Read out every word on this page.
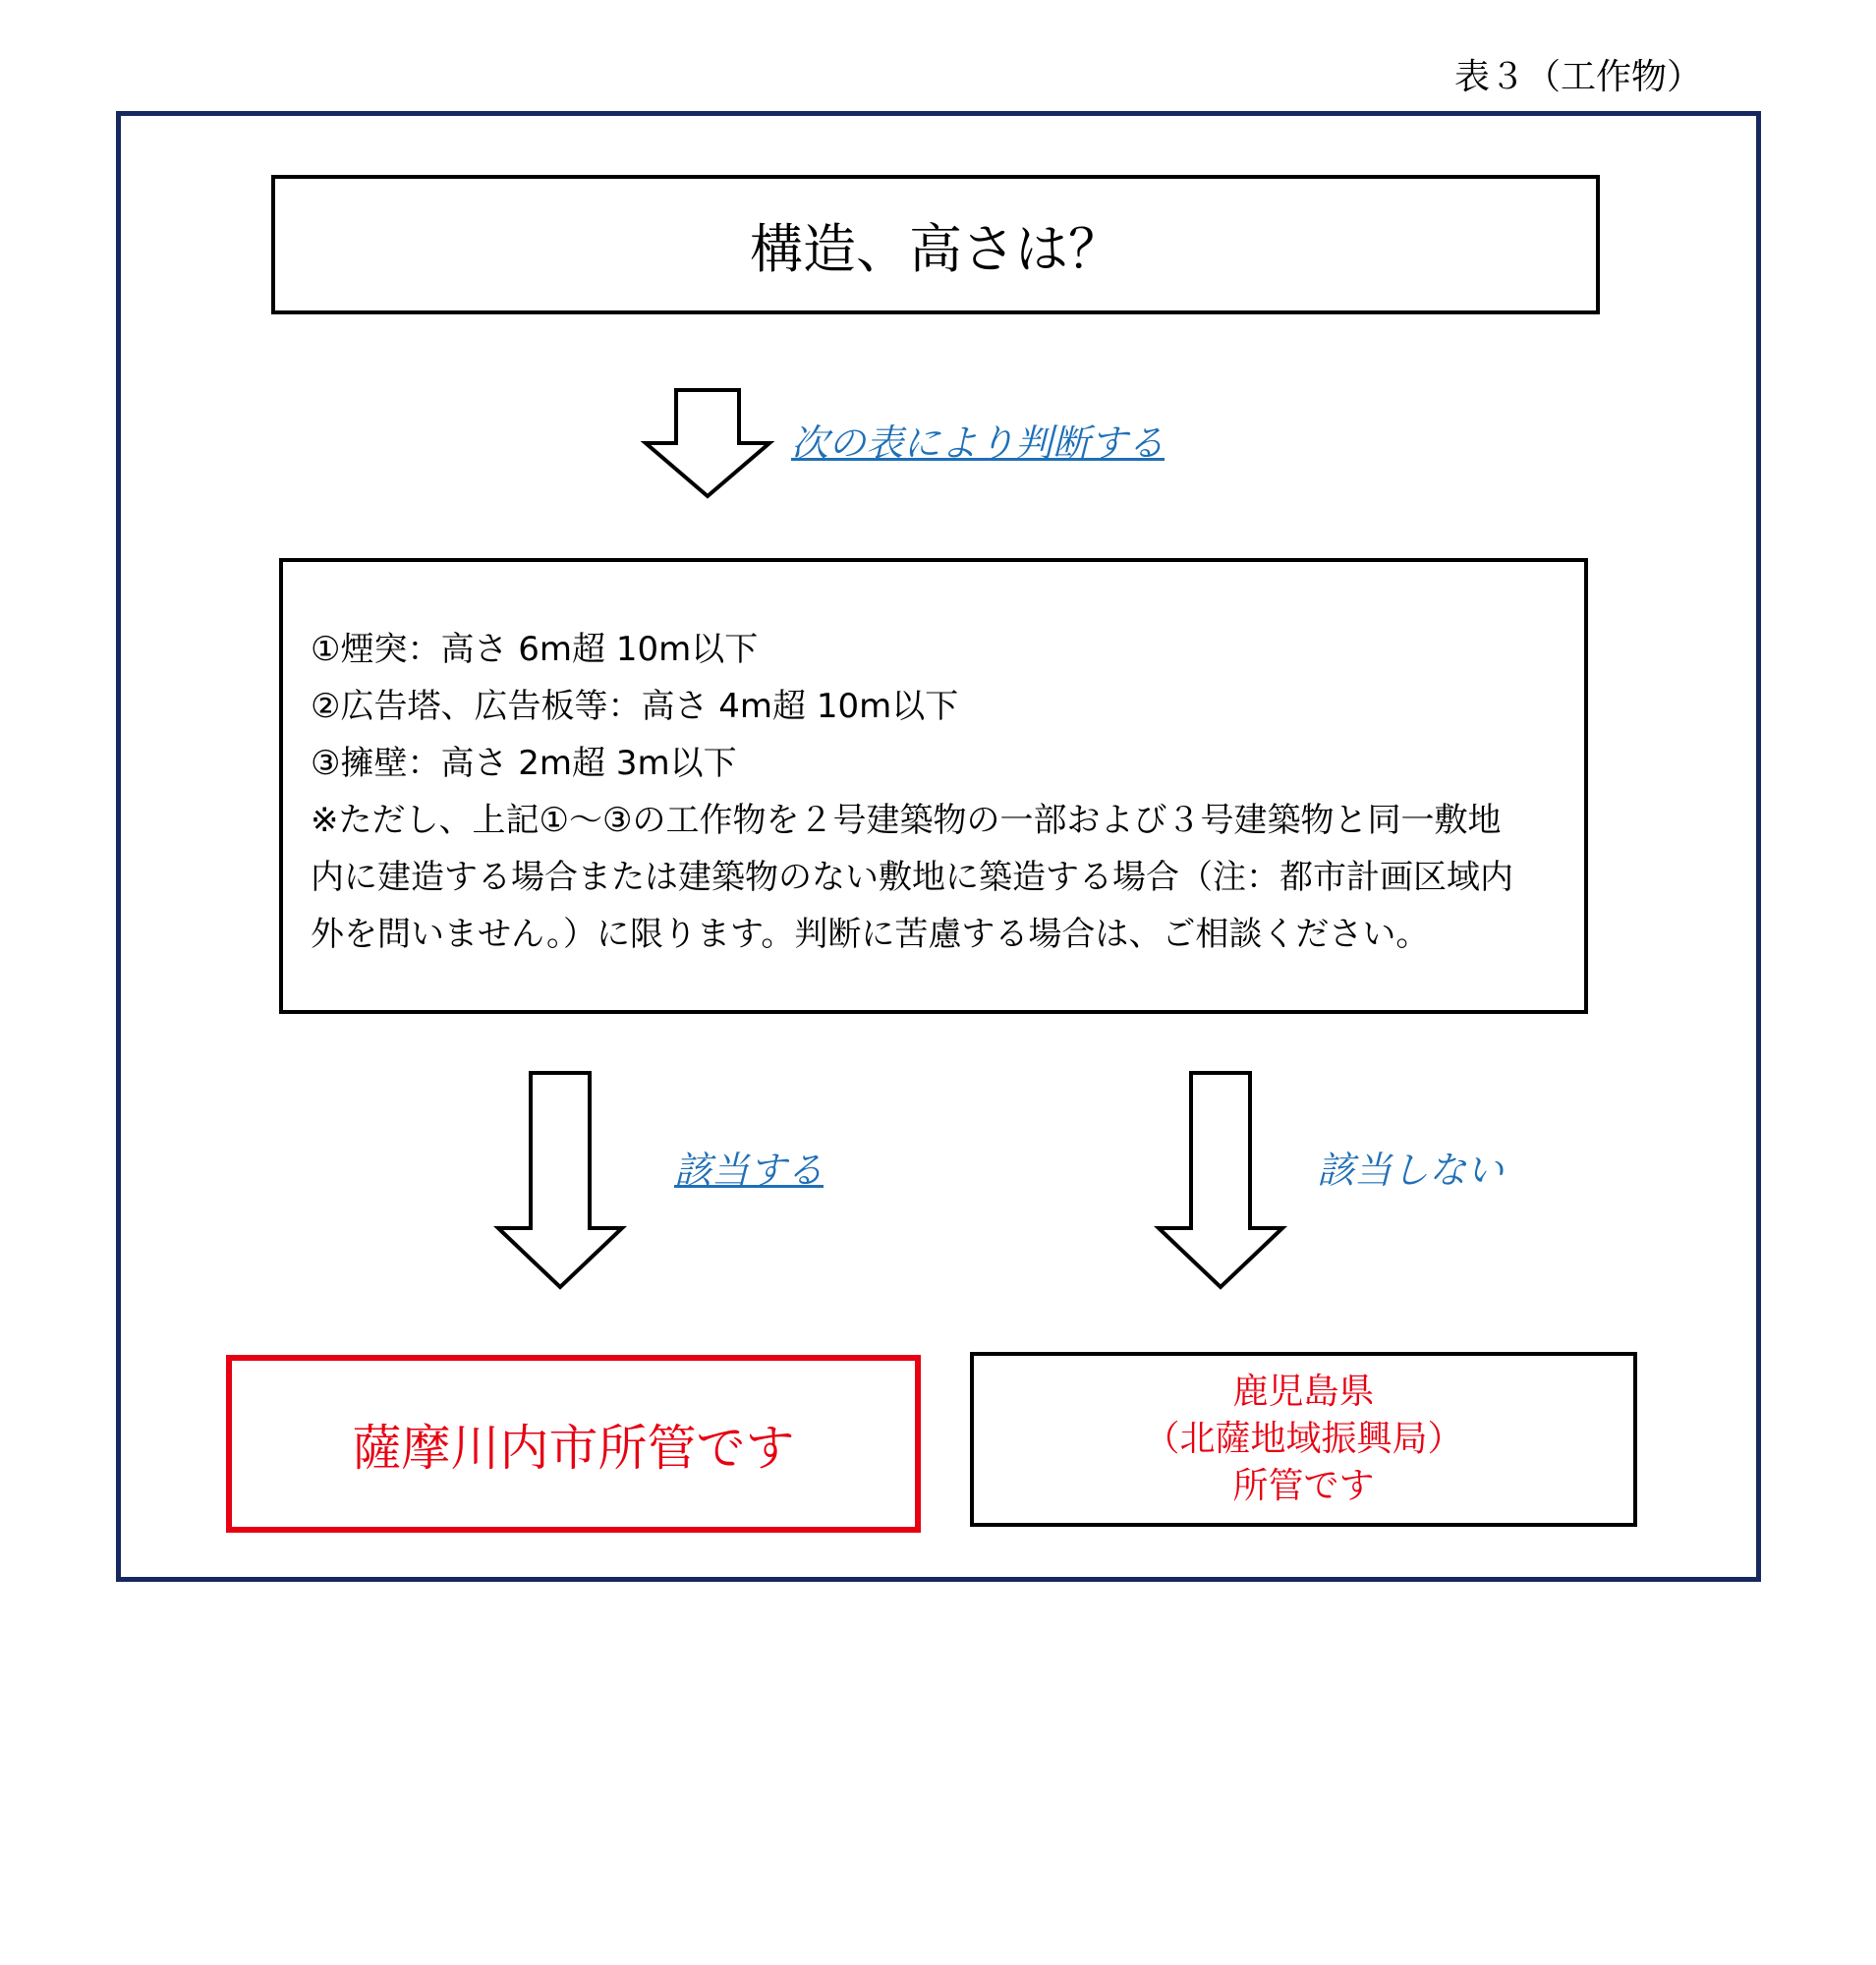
表３（工作物）
構造、高さは？
次の表により判断する
①煙突：高さ 6m超 10m以下
②広告塔、広告板等：高さ 4m超 10m以下
③擁壁：高さ 2m超 3m以下
※ただし、上記①～③の工作物を２号建築物の一部および３号建築物と同一敷地
内に建造する場合または建築物のない敷地に築造する場合（注：都市計画区域内
外を問いません。）に限ります。判断に苦慮する場合は、ご相談ください。
該当する	該当しない
薩摩川内市所管です
鹿児島県
（北薩地域振興局）
所管です
